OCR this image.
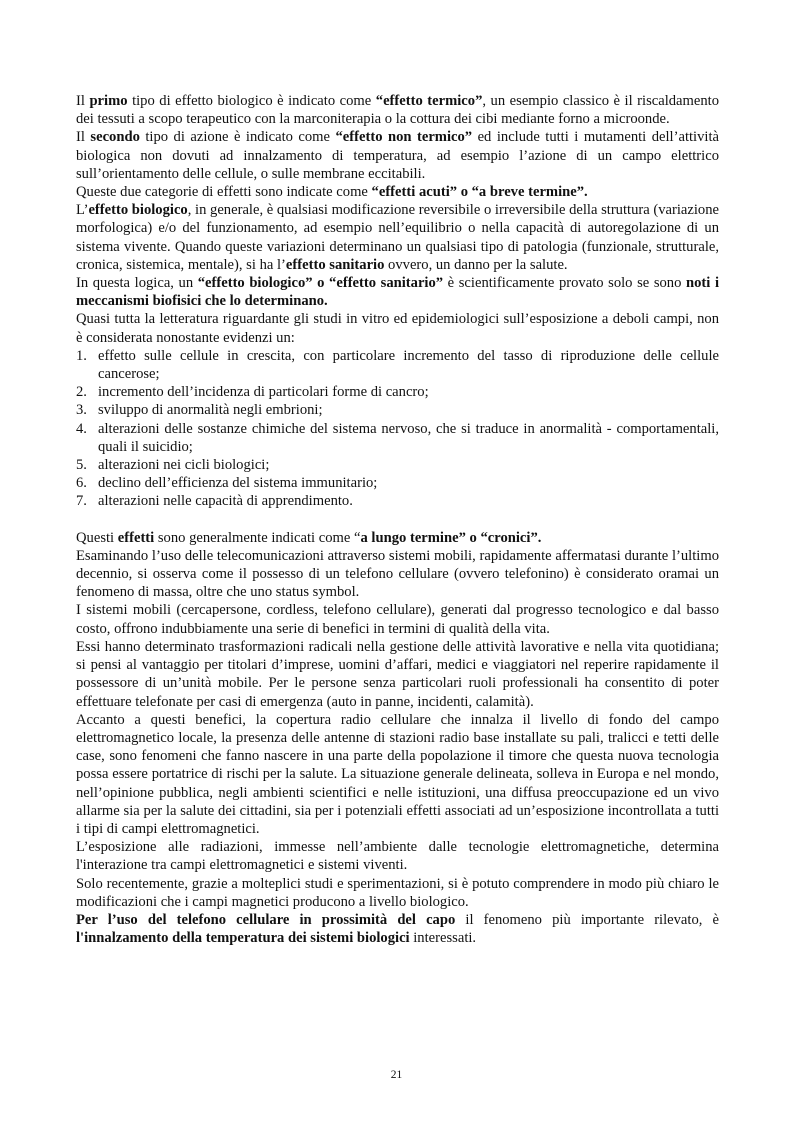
Il primo tipo di effetto biologico è indicato come “effetto termico”, un esempio classico è il riscaldamento dei tessuti a scopo terapeutico con la marconiterapia o la cottura dei cibi mediante forno a microonde.

Il secondo tipo di azione è indicato come “effetto non termico” ed include tutti i mutamenti dell’attività biologica non dovuti ad innalzamento di temperatura, ad esempio l’azione di un campo elettrico sull’orientamento delle cellule, o sulle membrane eccitabili.

Queste due categorie di effetti sono indicate come “effetti acuti” o “a breve termine”.

L’effetto biologico, in generale, è qualsiasi modificazione reversibile o irreversibile della struttura (variazione morfologica) e/o del funzionamento, ad esempio nell’equilibrio o nella capacità di autoregolazione di un sistema vivente. Quando queste variazioni determinano un qualsiasi tipo di patologia (funzionale, strutturale, cronica, sistemica, mentale), si ha l’effetto sanitario ovvero, un danno per la salute.

In questa logica, un “effetto biologico” o “effetto sanitario” è scientificamente provato solo se sono noti i meccanismi biofisici che lo determinano.

Quasi tutta la letteratura riguardante gli studi in vitro ed epidemiologici sull’esposizione a deboli campi, non è considerata nonostante evidenzi un:

1. effetto sulle cellule in crescita, con particolare incremento del tasso di riproduzione delle cellule cancerose;
2. incremento dell’incidenza di particolari forme di cancro;
3. sviluppo di anormalità negli embrioni;
4. alterazioni delle sostanze chimiche del sistema nervoso, che si traduce in anormalità - comportamentali, quali il suicidio;
5. alterazioni nei cicli biologici;
6. declino dell’efficienza del sistema immunitario;
7. alterazioni nelle capacità di apprendimento.

Questi effetti sono generalmente indicati come “a lungo termine” o “cronici”.

Esaminando l’uso delle telecomunicazioni attraverso sistemi mobili, rapidamente affermatasi durante l’ultimo decennio, si osserva come il possesso di un telefono cellulare (ovvero telefonino) è considerato oramai un fenomeno di massa, oltre che uno status symbol.

I sistemi mobili (cercapersone, cordless, telefono cellulare), generati dal progresso tecnologico e dal basso costo, offrono indubbiamente una serie di benefici in termini di qualità della vita.

Essi hanno determinato trasformazioni radicali nella gestione delle attività lavorative e nella vita quotidiana; si pensi al vantaggio per titolari d’imprese, uomini d’affari, medici e viaggiatori nel reperire rapidamente il possessore di un’unità mobile. Per le persone senza particolari ruoli professionali ha consentito di poter effettuare telefonate per casi di emergenza (auto in panne, incidenti, calamità).

Accanto a questi benefici, la copertura radio cellulare che innalza il livello di fondo del campo elettromagnetico locale, la presenza delle antenne di stazioni radio base installate su pali, tralicci e tetti delle case, sono fenomeni che fanno nascere in una parte della popolazione il timore che questa nuova tecnologia possa essere portatrice di rischi per la salute. La situazione generale delineata, solleva in Europa e nel mondo, nell’opinione pubblica, negli ambienti scientifici e nelle istituzioni, una diffusa preoccupazione ed un vivo allarme sia per la salute dei cittadini, sia per i potenziali effetti associati ad un’esposizione incontrollata a tutti i tipi di campi elettromagnetici.

L’esposizione alle radiazioni, immesse nell’ambiente dalle tecnologie elettromagnetiche, determina l'interazione tra campi elettromagnetici e sistemi viventi.

Solo recentemente, grazie a molteplici studi e sperimentazioni, si è potuto comprendere in modo più chiaro le modificazioni che i campi magnetici producono a livello biologico.

Per l’uso del telefono cellulare in prossimità del capo il fenomeno più importante rilevato, è l'innalzamento della temperatura dei sistemi biologici interessati.

21
